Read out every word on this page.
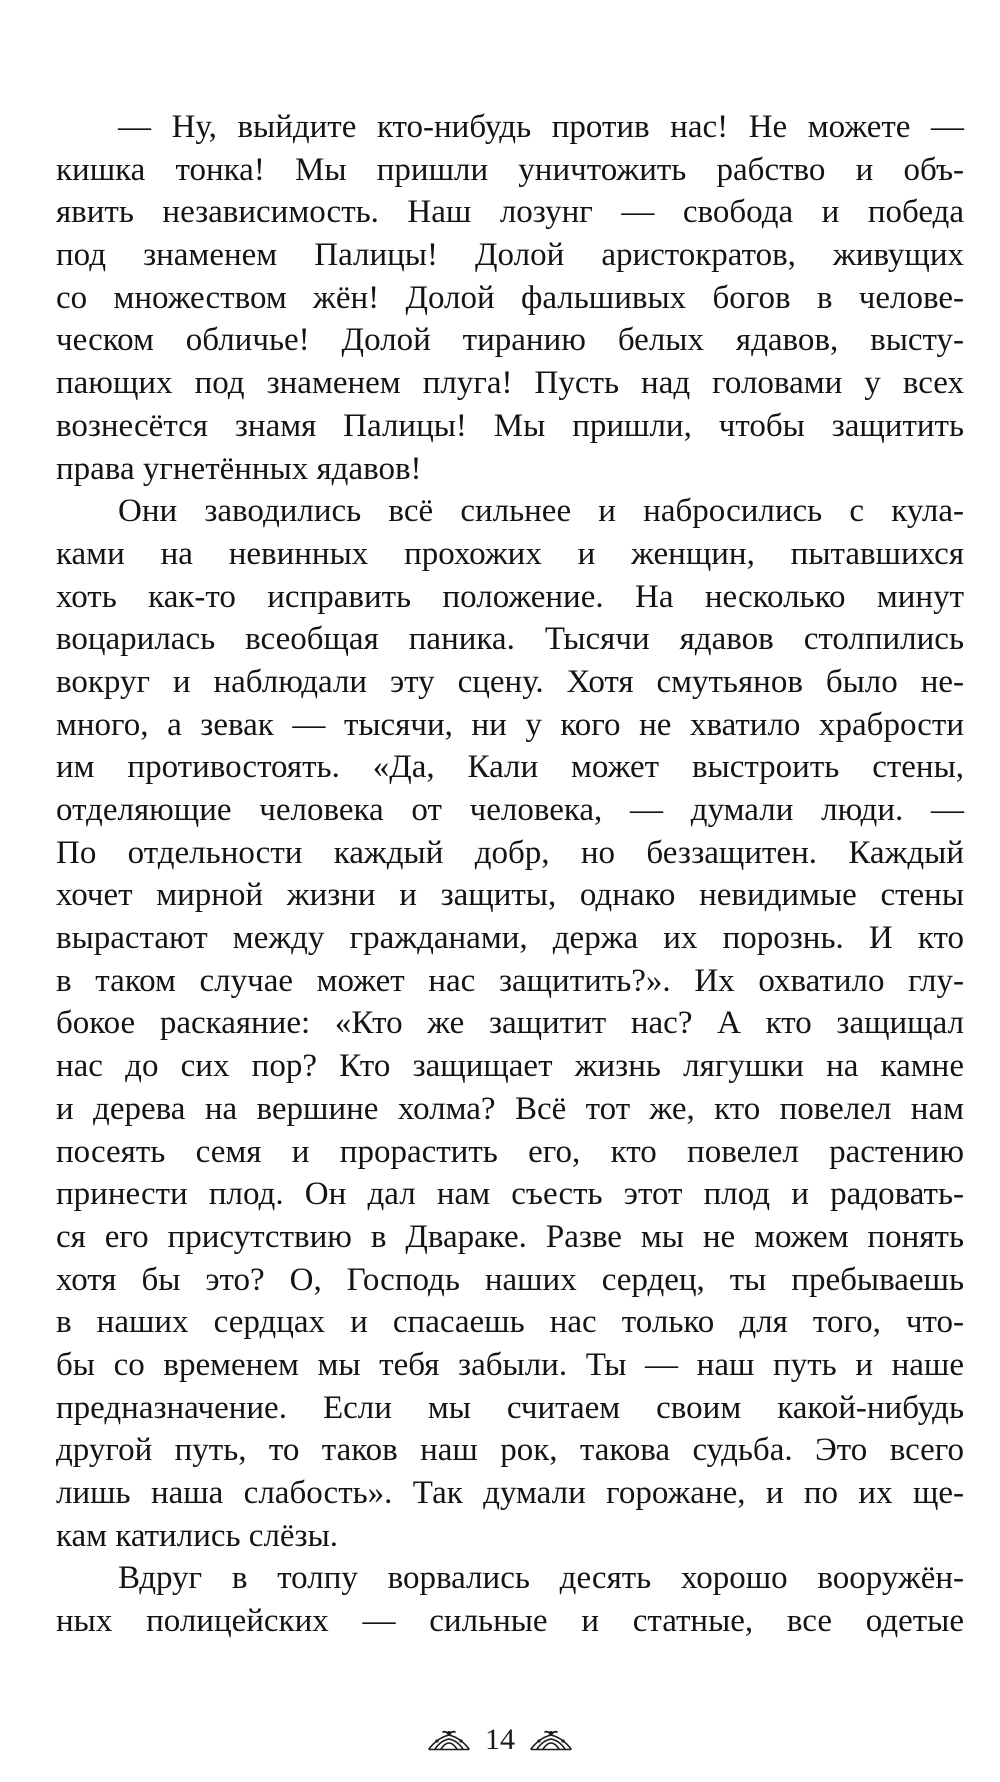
— Ну, выйдите кто-нибудь против нас! Не можете —
кишка тонка! Мы пришли уничтожить рабство и объ-
явить независимость. Наш лозунг — свобода и победа
под знаменем Палицы! Долой аристократов, живущих
со множеством жён! Долой фальшивых богов в челове-
ческом обличье! Долой тиранию белых ядавов, высту-
пающих под знаменем плуга! Пусть над головами у всех
вознесётся знамя Палицы! Мы пришли, чтобы защитить
права угнетённых ядавов!
Они заводились всё сильнее и набросились с кула-
ками на невинных прохожих и женщин, пытавшихся
хоть как-то исправить положение. На несколько минут
воцарилась всеобщая паника. Тысячи ядавов столпились
вокруг и наблюдали эту сцену. Хотя смутьянов было не-
много, а зевак — тысячи, ни у кого не хватило храбрости
им противостоять. «Да, Кали может выстроить стены,
отделяющие человека от человека, — думали люди. —
По отдельности каждый добр, но беззащитен. Каждый
хочет мирной жизни и защиты, однако невидимые стены
вырастают между гражданами, держа их порознь. И кто
в таком случае может нас защитить?». Их охватило глу-
бокое раскаяние: «Кто же защитит нас? А кто защищал
нас до сих пор? Кто защищает жизнь лягушки на камне
и дерева на вершине холма? Всё тот же, кто повелел нам
посеять семя и прорастить его, кто повелел растению
принести плод. Он дал нам съесть этот плод и радовать-
ся его присутствию в Двараке. Разве мы не можем понять
хотя бы это? О, Господь наших сердец, ты пребываешь
в наших сердцах и спасаешь нас только для того, что-
бы со временем мы тебя забыли. Ты — наш путь и наше
предназначение. Если мы считаем своим какой-нибудь
другой путь, то таков наш рок, такова судьба. Это всего
лишь наша слабость». Так думали горожане, и по их ще-
кам катились слёзы.
Вдруг в толпу ворвались десять хорошо вооружён-
ных полицейских — сильные и статные, все одетые
14
